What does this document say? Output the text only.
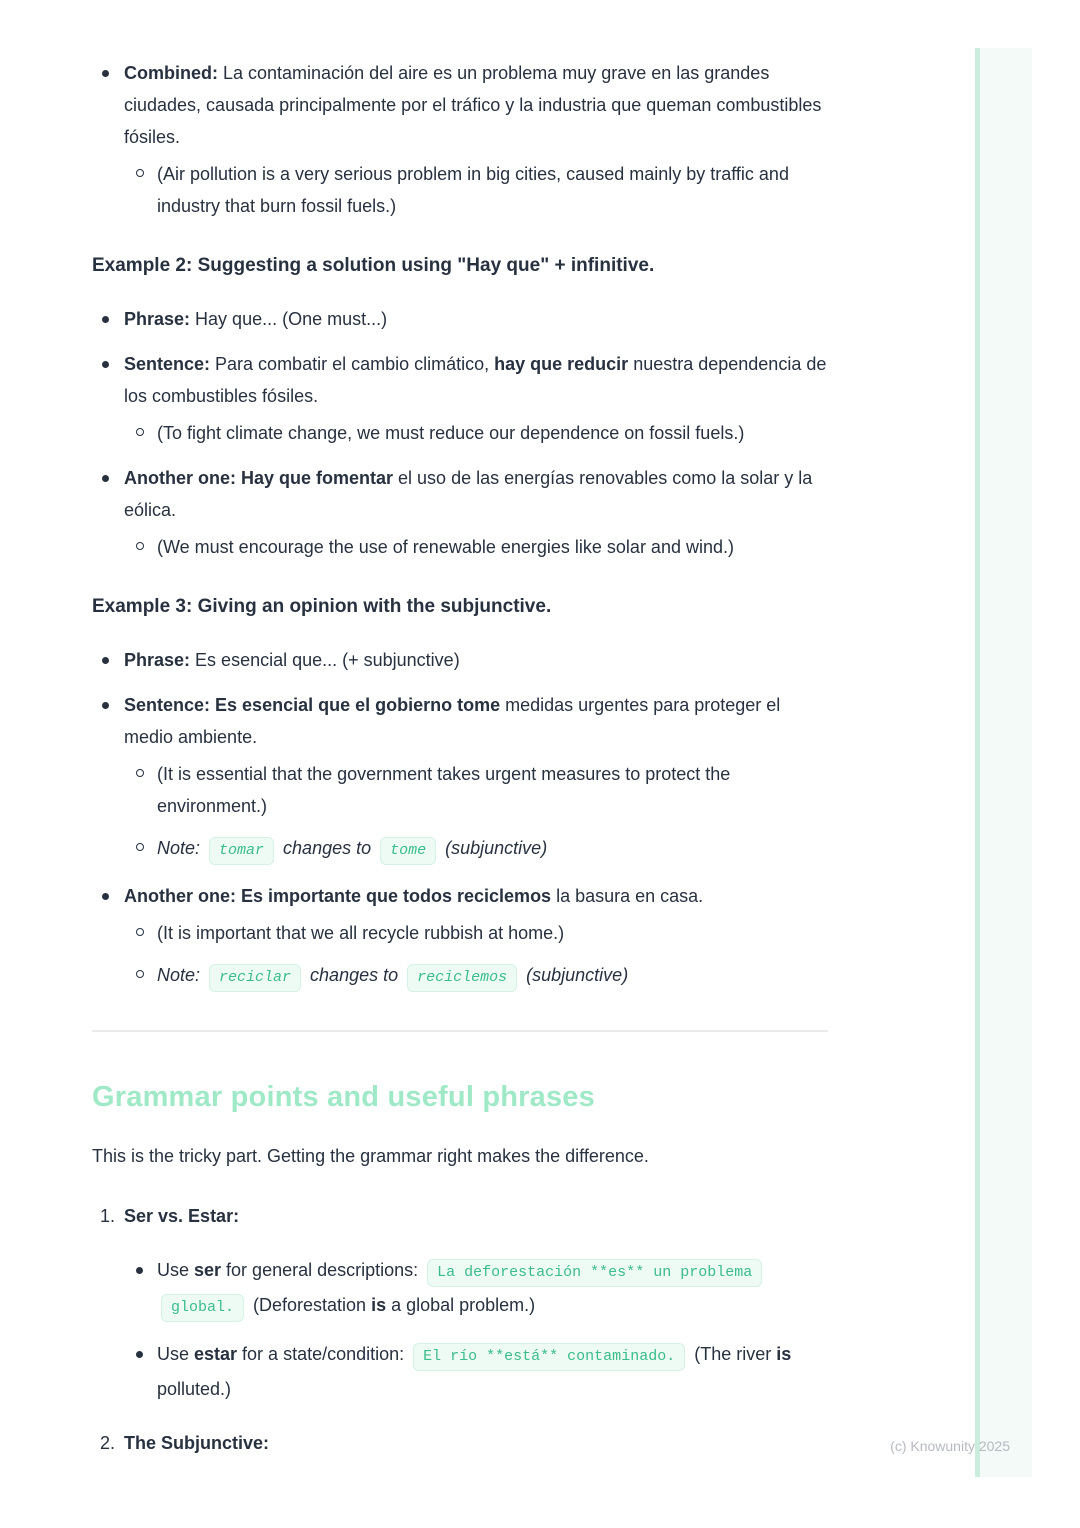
Combined: La contaminación del aire es un problema muy grave en las grandes ciudades, causada principalmente por el tráfico y la industria que queman combustibles fósiles.
(Air pollution is a very serious problem in big cities, caused mainly by traffic and industry that burn fossil fuels.)
Example 2: Suggesting a solution using "Hay que" + infinitive.
Phrase: Hay que... (One must...)
Sentence: Para combatir el cambio climático, hay que reducir nuestra dependencia de los combustibles fósiles.
(To fight climate change, we must reduce our dependence on fossil fuels.)
Another one: Hay que fomentar el uso de las energías renovables como la solar y la eólica.
(We must encourage the use of renewable energies like solar and wind.)
Example 3: Giving an opinion with the subjunctive.
Phrase: Es esencial que... (+ subjunctive)
Sentence: Es esencial que el gobierno tome medidas urgentes para proteger el medio ambiente.
(It is essential that the government takes urgent measures to protect the environment.)
Note: tomar changes to tome (subjunctive)
Another one: Es importante que todos reciclemos la basura en casa.
(It is important that we all recycle rubbish at home.)
Note: reciclar changes to reciclemos (subjunctive)
Grammar points and useful phrases

This is the tricky part. Getting the grammar right makes the difference.

1. Ser vs. Estar:
Use ser for general descriptions: La deforestación **es** un problema global. (Deforestation is a global problem.)
Use estar for a state/condition: El río **está** contaminado. (The river is polluted.)
2. The Subjunctive:	(c) Knowunity 2025
